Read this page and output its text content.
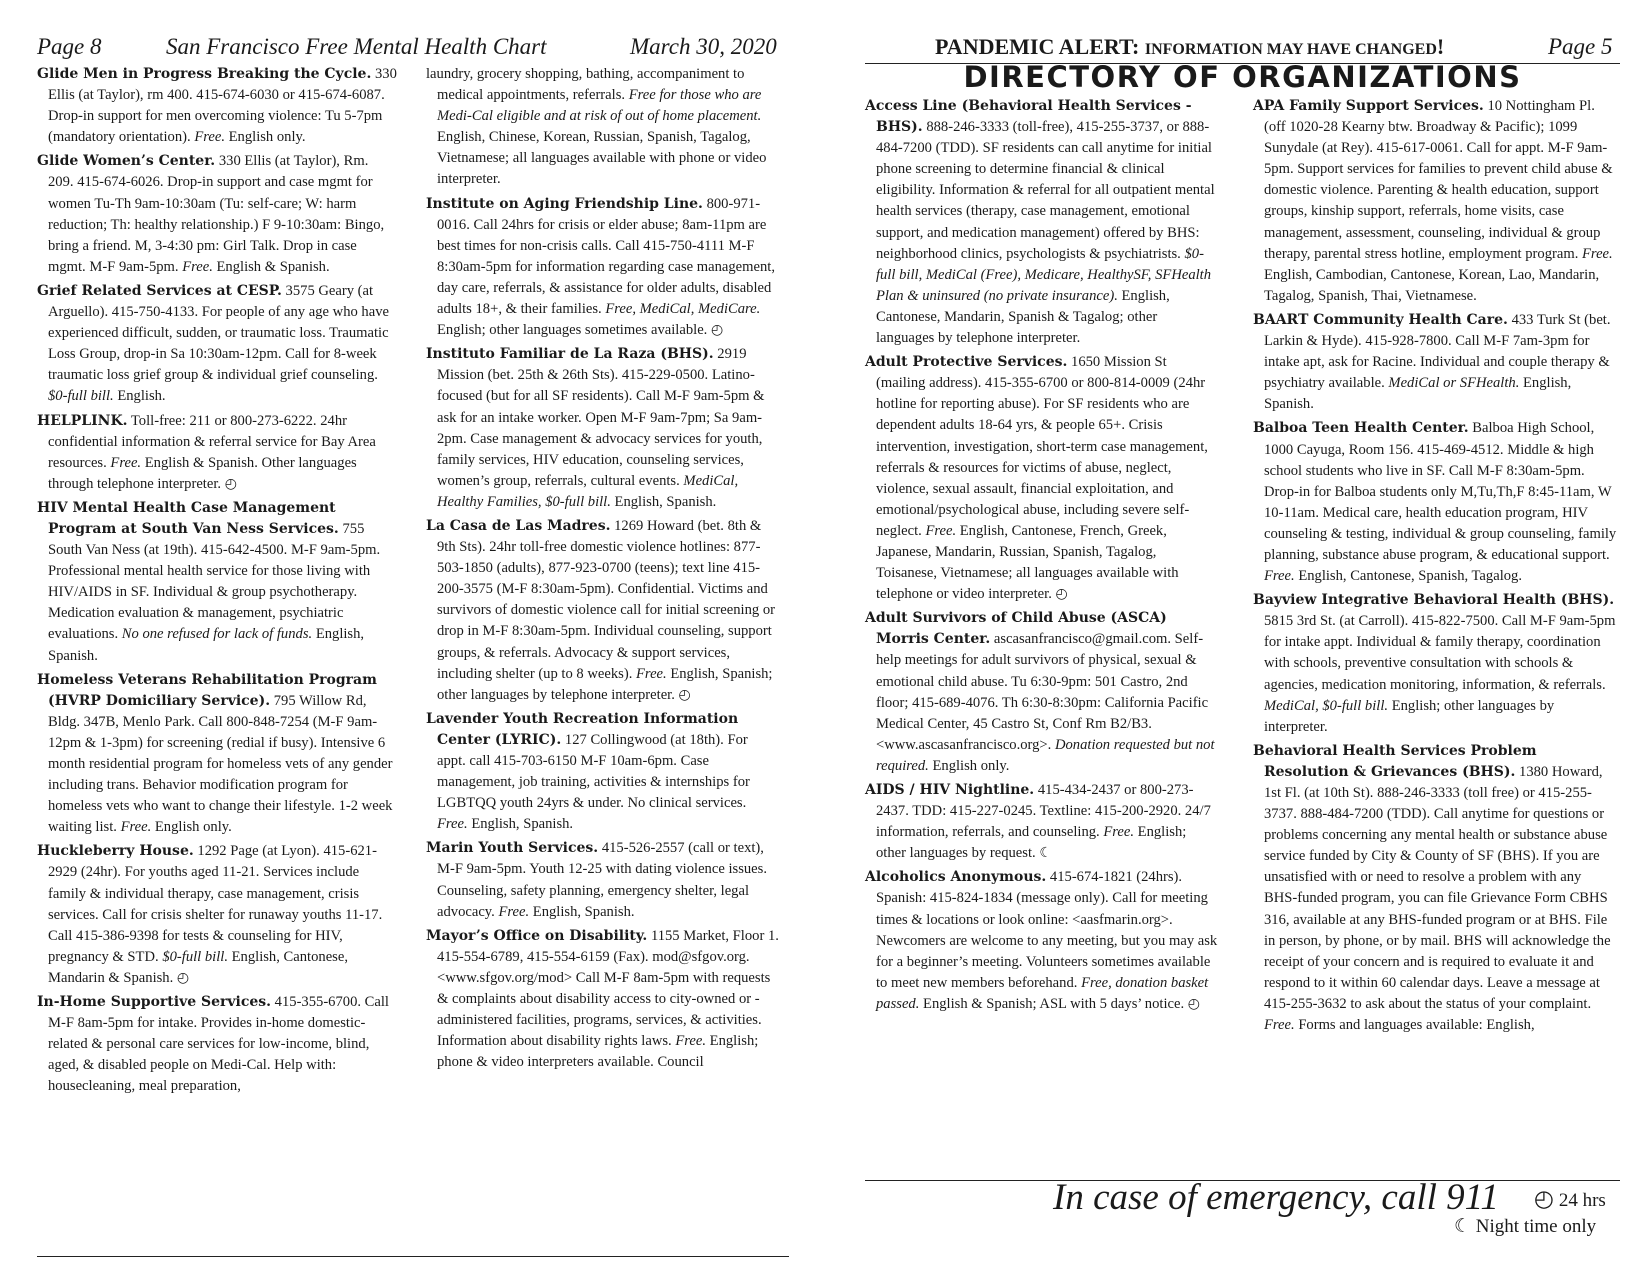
Page 8	San Francisco Free Mental Health Chart	March 30, 2020
Glide Men in Progress Breaking the Cycle. 330 Ellis (at Taylor), rm 400. 415-674-6030 or 415-674-6087. Drop-in support for men overcoming violence: Tu 5-7pm (mandatory orientation). Free. English only.
Glide Women’s Center. 330 Ellis (at Taylor), Rm. 209. 415-674-6026. Drop-in support and case mgmt for women Tu-Th 9am-10:30am (Tu: self-care; W: harm reduction; Th: healthy relationship.) F 9-10:30am: Bingo, bring a friend. M, 3-4:30 pm: Girl Talk. Drop in case mgmt. M-F 9am-5pm. Free. English & Spanish.
Grief Related Services at CESP. 3575 Geary (at Arguello). 415-750-4133. For people of any age who have experienced difficult, sudden, or traumatic loss. Traumatic Loss Group, drop-in Sa 10:30am-12pm. Call for 8-week traumatic loss grief group & individual grief counseling. $0-full bill. English.
HELPLINK. Toll-free: 211 or 800-273-6222. 24hr confidential information & referral service for Bay Area resources. Free. English & Spanish. Other languages through telephone interpreter. ◴
HIV Mental Health Case Management Program at South Van Ness Services. 755 South Van Ness (at 19th). 415-642-4500. M-F 9am-5pm. Professional mental health service for those living with HIV/AIDS in SF. Individual & group psychotherapy. Medication evaluation & management, psychiatric evaluations. No one refused for lack of funds. English, Spanish.
Homeless Veterans Rehabilitation Program (HVRP Domiciliary Service). 795 Willow Rd, Bldg. 347B, Menlo Park. Call 800-848-7254 (M-F 9am-12pm & 1-3pm) for screening (redial if busy). Intensive 6 month residential program for homeless vets of any gender including trans. Behavior modification program for homeless vets who want to change their lifestyle. 1-2 week waiting list. Free. English only.
Huckleberry House. 1292 Page (at Lyon). 415-621-2929 (24hr). For youths aged 11-21. Services include family & individual therapy, case management, crisis services. Call for crisis shelter for runaway youths 11-17. Call 415-386-9398 for tests & counseling for HIV, pregnancy & STD. $0-full bill. English, Cantonese, Mandarin & Spanish. ◴
In-Home Supportive Services. 415-355-6700. Call M-F 8am-5pm for intake. Provides in-home domestic-related & personal care services for low-income, blind, aged, & disabled people on Medi-Cal. Help with: housecleaning, meal preparation,
laundry, grocery shopping, bathing, accompaniment to medical appointments, referrals. Free for those who are Medi-Cal eligible and at risk of out of home placement. English, Chinese, Korean, Russian, Spanish, Tagalog, Vietnamese; all languages available with phone or video interpreter.
Institute on Aging Friendship Line. 800-971-0016. Call 24hrs for crisis or elder abuse; 8am-11pm are best times for non-crisis calls. Call 415-750-4111 M-F 8:30am-5pm for information regarding case management, day care, referrals, & assistance for older adults, disabled adults 18+, & their families. Free, MediCal, MediCare. English; other languages sometimes available. ◴
Instituto Familiar de La Raza (BHS). 2919 Mission (bet. 25th & 26th Sts). 415-229-0500. Latino-focused (but for all SF residents). Call M-F 9am-5pm & ask for an intake worker. Open M-F 9am-7pm; Sa 9am-2pm. Case management & advocacy services for youth, family services, HIV education, counseling services, women’s group, referrals, cultural events. MediCal, Healthy Families, $0-full bill. English, Spanish.
La Casa de Las Madres. 1269 Howard (bet. 8th & 9th Sts). 24hr toll-free domestic violence hotlines: 877-503-1850 (adults), 877-923-0700 (teens); text line 415-200-3575 (M-F 8:30am-5pm). Confidential. Victims and survivors of domestic violence call for initial screening or drop in M-F 8:30am-5pm. Individual counseling, support groups, & referrals. Advocacy & support services, including shelter (up to 8 weeks). Free. English, Spanish; other languages by telephone interpreter. ◴
Lavender Youth Recreation Information Center (LYRIC). 127 Collingwood (at 18th). For appt. call 415-703-6150 M-F 10am-6pm. Case management, job training, activities & internships for LGBTQQ youth 24yrs & under. No clinical services. Free. English, Spanish.
Marin Youth Services. 415-526-2557 (call or text), M-F 9am-5pm. Youth 12-25 with dating violence issues. Counseling, safety planning, emergency shelter, legal advocacy. Free. English, Spanish.
Mayor’s Office on Disability. 1155 Market, Floor 1. 415-554-6789, 415-554-6159 (Fax). mod@sfgov.org. <www.sfgov.org/mod> Call M-F 8am-5pm with requests & complaints about disability access to city-owned or -administered facilities, programs, services, & activities. Information about disability rights laws. Free. English; phone & video interpreters available. Council
PANDEMIC ALERT: INFORMATION MAY HAVE CHANGED!	Page 5
DIRECTORY OF ORGANIZATIONS
Access Line (Behavioral Health Services - BHS). 888-246-3333 (toll-free), 415-255-3737, or 888-484-7200 (TDD). SF residents can call anytime for initial phone screening to determine financial & clinical eligibility. Information & referral for all outpatient mental health services (therapy, case management, emotional support, and medication management) offered by BHS: neighborhood clinics, psychologists & psychiatrists. $0-full bill, MediCal (Free), Medicare, HealthySF, SFHealth Plan & uninsured (no private insurance). English, Cantonese, Mandarin, Spanish & Tagalog; other languages by telephone interpreter.
Adult Protective Services. 1650 Mission St (mailing address). 415-355-6700 or 800-814-0009 (24hr hotline for reporting abuse). For SF residents who are dependent adults 18-64 yrs, & people 65+. Crisis intervention, investigation, short-term case management, referrals & resources for victims of abuse, neglect, violence, sexual assault, financial exploitation, and emotional/psychological abuse, including severe self-neglect. Free. English, Cantonese, French, Greek, Japanese, Mandarin, Russian, Spanish, Tagalog, Toisanese, Vietnamese; all languages available with telephone or video interpreter. ◴
Adult Survivors of Child Abuse (ASCA) Morris Center. ascasanfrancisco@gmail.com. Self-help meetings for adult survivors of physical, sexual & emotional child abuse. Tu 6:30-9pm: 501 Castro, 2nd floor; 415-689-4076. Th 6:30-8:30pm: California Pacific Medical Center, 45 Castro St, Conf Rm B2/B3. <www.ascasanfrancisco.org>. Donation requested but not required. English only.
AIDS / HIV Nightline. 415-434-2437 or 800-273-2437. TDD: 415-227-0245. Textline: 415-200-2920. 24/7 information, referrals, and counseling. Free. English; other languages by request. ☾
Alcoholics Anonymous. 415-674-1821 (24hrs). Spanish: 415-824-1834 (message only). Call for meeting times & locations or look online: <aasfmarin.org>. Newcomers are welcome to any meeting, but you may ask for a beginner’s meeting. Volunteers sometimes available to meet new members beforehand. Free, donation basket passed. English & Spanish; ASL with 5 days’ notice. ◴
APA Family Support Services. 10 Nottingham Pl. (off 1020-28 Kearny btw. Broadway & Pacific); 1099 Sunydale (at Rey). 415-617-0061. Call for appt. M-F 9am-5pm. Support services for families to prevent child abuse & domestic violence. Parenting & health education, support groups, kinship support, referrals, home visits, case management, assessment, counseling, individual & group therapy, parental stress hotline, employment program. Free. English, Cambodian, Cantonese, Korean, Lao, Mandarin, Tagalog, Spanish, Thai, Vietnamese.
BAART Community Health Care. 433 Turk St (bet. Larkin & Hyde). 415-928-7800. Call M-F 7am-3pm for intake apt, ask for Racine. Individual and couple therapy & psychiatry available. MediCal or SFHealth. English, Spanish.
Balboa Teen Health Center. Balboa High School, 1000 Cayuga, Room 156. 415-469-4512. Middle & high school students who live in SF. Call M-F 8:30am-5pm. Drop-in for Balboa students only M,Tu,Th,F 8:45-11am, W 10-11am. Medical care, health education program, HIV counseling & testing, individual & group counseling, family planning, substance abuse program, & educational support. Free. English, Cantonese, Spanish, Tagalog.
Bayview Integrative Behavioral Health (BHS). 5815 3rd St. (at Carroll). 415-822-7500. Call M-F 9am-5pm for intake appt. Individual & family therapy, coordination with schools, preventive consultation with schools & agencies, medication monitoring, information, & referrals. MediCal, $0-full bill. English; other languages by interpreter.
Behavioral Health Services Problem Resolution & Grievances (BHS). 1380 Howard, 1st Fl. (at 10th St). 888-246-3333 (toll free) or 415-255-3737. 888-484-7200 (TDD). Call anytime for questions or problems concerning any mental health or substance abuse service funded by City & County of SF (BHS). If you are unsatisfied with or need to resolve a problem with any BHS-funded program, you can file Grievance Form CBHS 316, available at any BHS-funded program or at BHS. File in person, by phone, or by mail. BHS will acknowledge the receipt of your concern and is required to evaluate it and respond to it within 60 calendar days. Leave a message at 415-255-3632 to ask about the status of your complaint. Free. Forms and languages available: English,
In case of emergency, call 911 ◴ 24 hrs
☾ Night time only
